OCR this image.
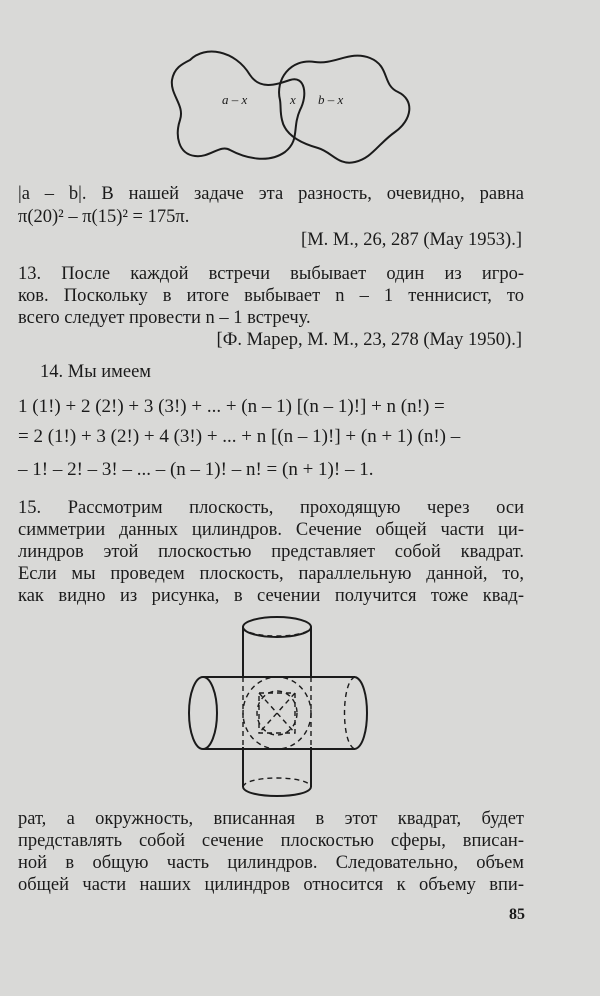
a – x	x b – x
|a – b|. В нашей задаче эта разность, очевидно, равна
π(20)² – π(15)² = 175π.
[M. M., 26, 287 (May 1953).]
13. После каждой встречи выбывает один из игро-
ков. Поскольку в итоге выбывает n – 1 теннисист, то
всего следует провести n – 1 встречу.
[Ф. Марер, M. M., 23, 278 (May 1950).]
14. Мы имеем
1 (1!) + 2 (2!) + 3 (3!) + ... + (n – 1) [(n – 1)!] + n (n!) =
= 2 (1!) + 3 (2!) + 4 (3!) + ... + n [(n – 1)!] + (n + 1) (n!) –
– 1! – 2! – 3! – ... – (n – 1)! – n! = (n + 1)! – 1.
15. Рассмотрим плоскость, проходящую через оси
симметрии данных цилиндров. Сечение общей части ци-
линдров этой плоскостью представляет собой квадрат.
Если мы проведем плоскость, параллельную данной, то,
как видно из рисунка, в сечении получится тоже квад-
рат, а окружность, вписанная в этот квадрат, будет
представлять собой сечение плоскостью сферы, вписан-
ной в общую часть цилиндров. Следовательно, объем
общей части наших цилиндров относится к объему впи-
85
